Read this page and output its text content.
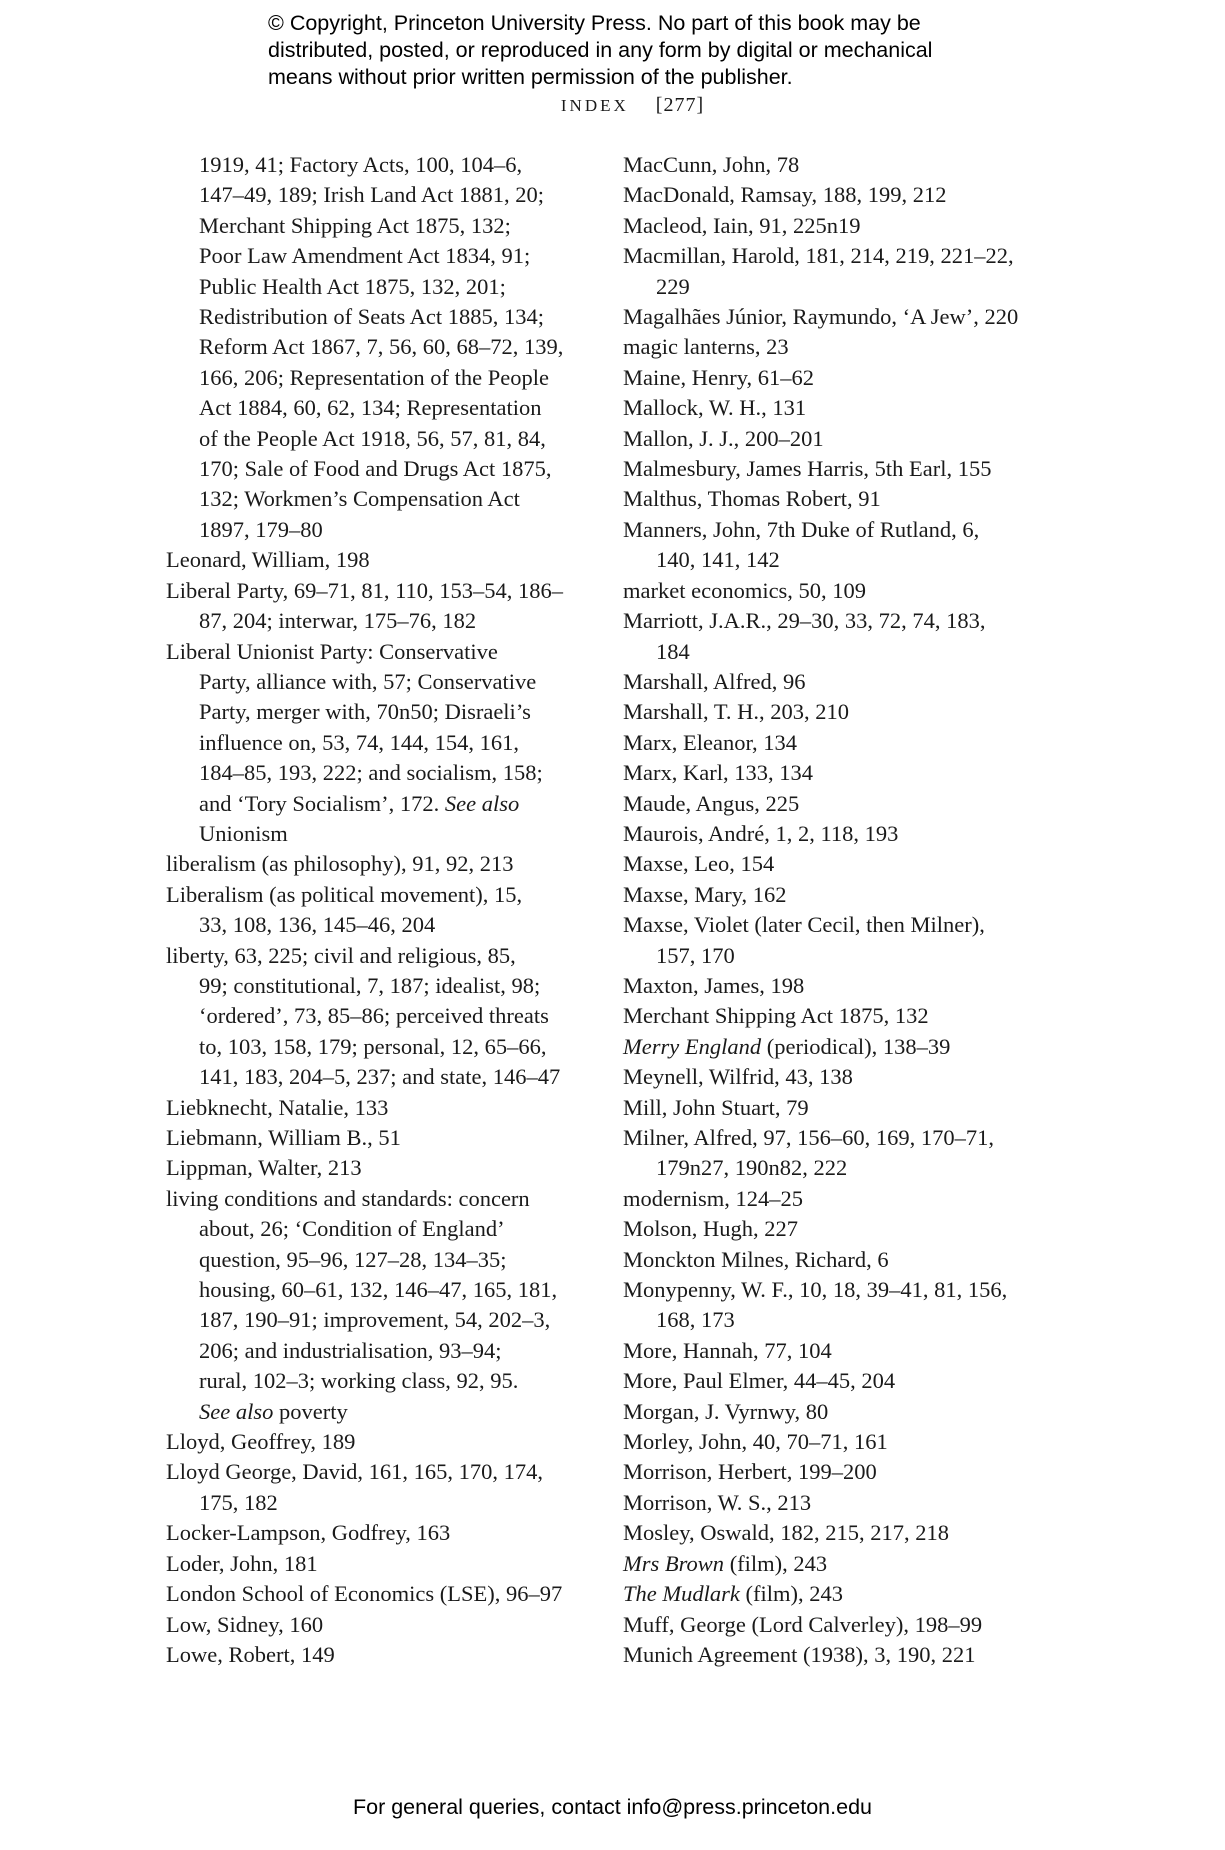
© Copyright, Princeton University Press. No part of this book may be
distributed, posted, or reproduced in any form by digital or mechanical
means without prior written permission of the publisher.
INDEX [277]
1919, 41; Factory Acts, 100, 104–6,
147–49, 189; Irish Land Act 1881, 20;
Merchant Shipping Act 1875, 132;
Poor Law Amendment Act 1834, 91;
Public Health Act 1875, 132, 201;
Redistribution of Seats Act 1885, 134;
Reform Act 1867, 7, 56, 60, 68–72, 139,
166, 206; Representation of the People
Act 1884, 60, 62, 134; Representation
of the People Act 1918, 56, 57, 81, 84,
170; Sale of Food and Drugs Act 1875,
132; Workmen’s Compensation Act
1897, 179–80
Leonard, William, 198
Liberal Party, 69–71, 81, 110, 153–54, 186–
87, 204; interwar, 175–76, 182
Liberal Unionist Party: Conservative
Party, alliance with, 57; Conservative
Party, merger with, 70n50; Disraeli’s
influence on, 53, 74, 144, 154, 161,
184–85, 193, 222; and socialism, 158;
and ‘Tory Socialism’, 172. See also
Unionism
liberalism (as philosophy), 91, 92, 213
Liberalism (as political movement), 15,
33, 108, 136, 145–46, 204
liberty, 63, 225; civil and religious, 85,
99; constitutional, 7, 187; idealist, 98;
‘ordered’, 73, 85–86; perceived threats
to, 103, 158, 179; personal, 12, 65–66,
141, 183, 204–5, 237; and state, 146–47
Liebknecht, Natalie, 133
Liebmann, William B., 51
Lippman, Walter, 213
living conditions and standards: concern
about, 26; ‘Condition of England’
question, 95–96, 127–28, 134–35;
housing, 60–61, 132, 146–47, 165, 181,
187, 190–91; improvement, 54, 202–3,
206; and industrialisation, 93–94;
rural, 102–3; working class, 92, 95.
See also poverty
Lloyd, Geoffrey, 189
Lloyd George, David, 161, 165, 170, 174,
175, 182
Locker-Lampson, Godfrey, 163
Loder, John, 181
London School of Economics (LSE), 96–97
Low, Sidney, 160
Lowe, Robert, 149
MacCunn, John, 78
MacDonald, Ramsay, 188, 199, 212
Macleod, Iain, 91, 225n19
Macmillan, Harold, 181, 214, 219, 221–22,
229
Magalhães Júnior, Raymundo, ‘A Jew’, 220
magic lanterns, 23
Maine, Henry, 61–62
Mallock, W. H., 131
Mallon, J. J., 200–201
Malmesbury, James Harris, 5th Earl, 155
Malthus, Thomas Robert, 91
Manners, John, 7th Duke of Rutland, 6,
140, 141, 142
market economics, 50, 109
Marriott, J.A.R., 29–30, 33, 72, 74, 183,
184
Marshall, Alfred, 96
Marshall, T. H., 203, 210
Marx, Eleanor, 134
Marx, Karl, 133, 134
Maude, Angus, 225
Maurois, André, 1, 2, 118, 193
Maxse, Leo, 154
Maxse, Mary, 162
Maxse, Violet (later Cecil, then Milner),
157, 170
Maxton, James, 198
Merchant Shipping Act 1875, 132
Merry England (periodical), 138–39
Meynell, Wilfrid, 43, 138
Mill, John Stuart, 79
Milner, Alfred, 97, 156–60, 169, 170–71,
179n27, 190n82, 222
modernism, 124–25
Molson, Hugh, 227
Monckton Milnes, Richard, 6
Monypenny, W. F., 10, 18, 39–41, 81, 156,
168, 173
More, Hannah, 77, 104
More, Paul Elmer, 44–45, 204
Morgan, J. Vyrnwy, 80
Morley, John, 40, 70–71, 161
Morrison, Herbert, 199–200
Morrison, W. S., 213
Mosley, Oswald, 182, 215, 217, 218
Mrs Brown (film), 243
The Mudlark (film), 243
Muff, George (Lord Calverley), 198–99
Munich Agreement (1938), 3, 190, 221
For general queries, contact info@press.princeton.edu
